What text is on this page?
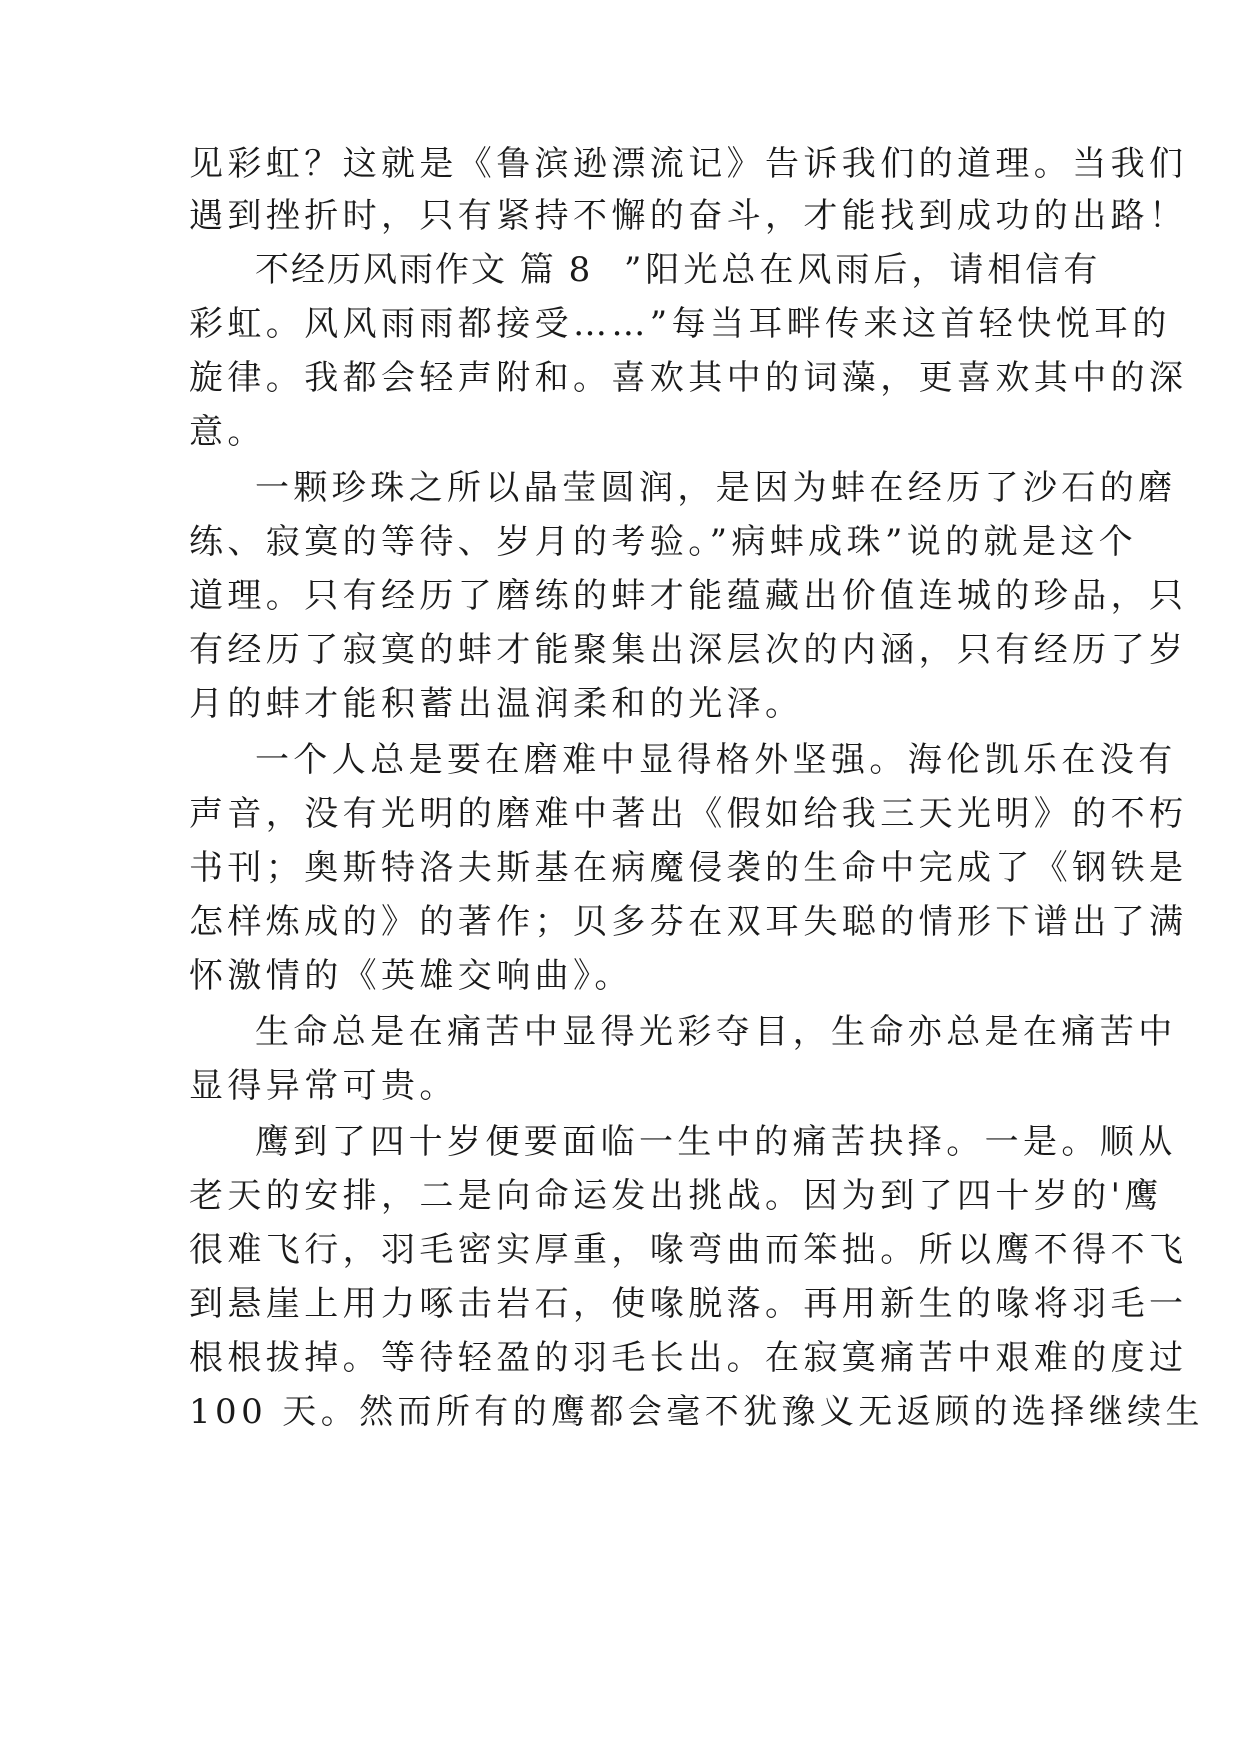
见彩虹？这就是《鲁滨逊漂流记》告诉我们的道理。当我们
遇到挫折时，只有紧持不懈的奋斗，才能找到成功的出路！
不经历风雨作文 篇 8 ”阳光总在风雨后，请相信有
彩虹。风风雨雨都接受……”每当耳畔传来这首轻快悦耳的
旋律。我都会轻声附和。喜欢其中的词藻，更喜欢其中的深
意。
一颗珍珠之所以晶莹圆润，是因为蚌在经历了沙石的磨
练、寂寞的等待、岁月的考验。”病蚌成珠”说的就是这个
道理。只有经历了磨练的蚌才能蕴藏出价值连城的珍品，只
有经历了寂寞的蚌才能聚集出深层次的内涵，只有经历了岁
月的蚌才能积蓄出温润柔和的光泽。
一个人总是要在磨难中显得格外坚强。海伦凯乐在没有
声音，没有光明的磨难中著出《假如给我三天光明》的不朽
书刊；奥斯特洛夫斯基在病魔侵袭的生命中完成了《钢铁是
怎样炼成的》的著作；贝多芬在双耳失聪的情形下谱出了满
怀激情的《英雄交响曲》。
生命总是在痛苦中显得光彩夺目，生命亦总是在痛苦中
显得异常可贵。
鹰到了四十岁便要面临一生中的痛苦抉择。一是。顺从
老天的安排，二是向命运发出挑战。因为到了四十岁的'鹰
很难飞行，羽毛密实厚重，喙弯曲而笨拙。所以鹰不得不飞
到悬崖上用力啄击岩石，使喙脱落。再用新生的喙将羽毛一
根根拔掉。等待轻盈的羽毛长出。在寂寞痛苦中艰难的度过
100 天。然而所有的鹰都会毫不犹豫义无返顾的选择继续生
